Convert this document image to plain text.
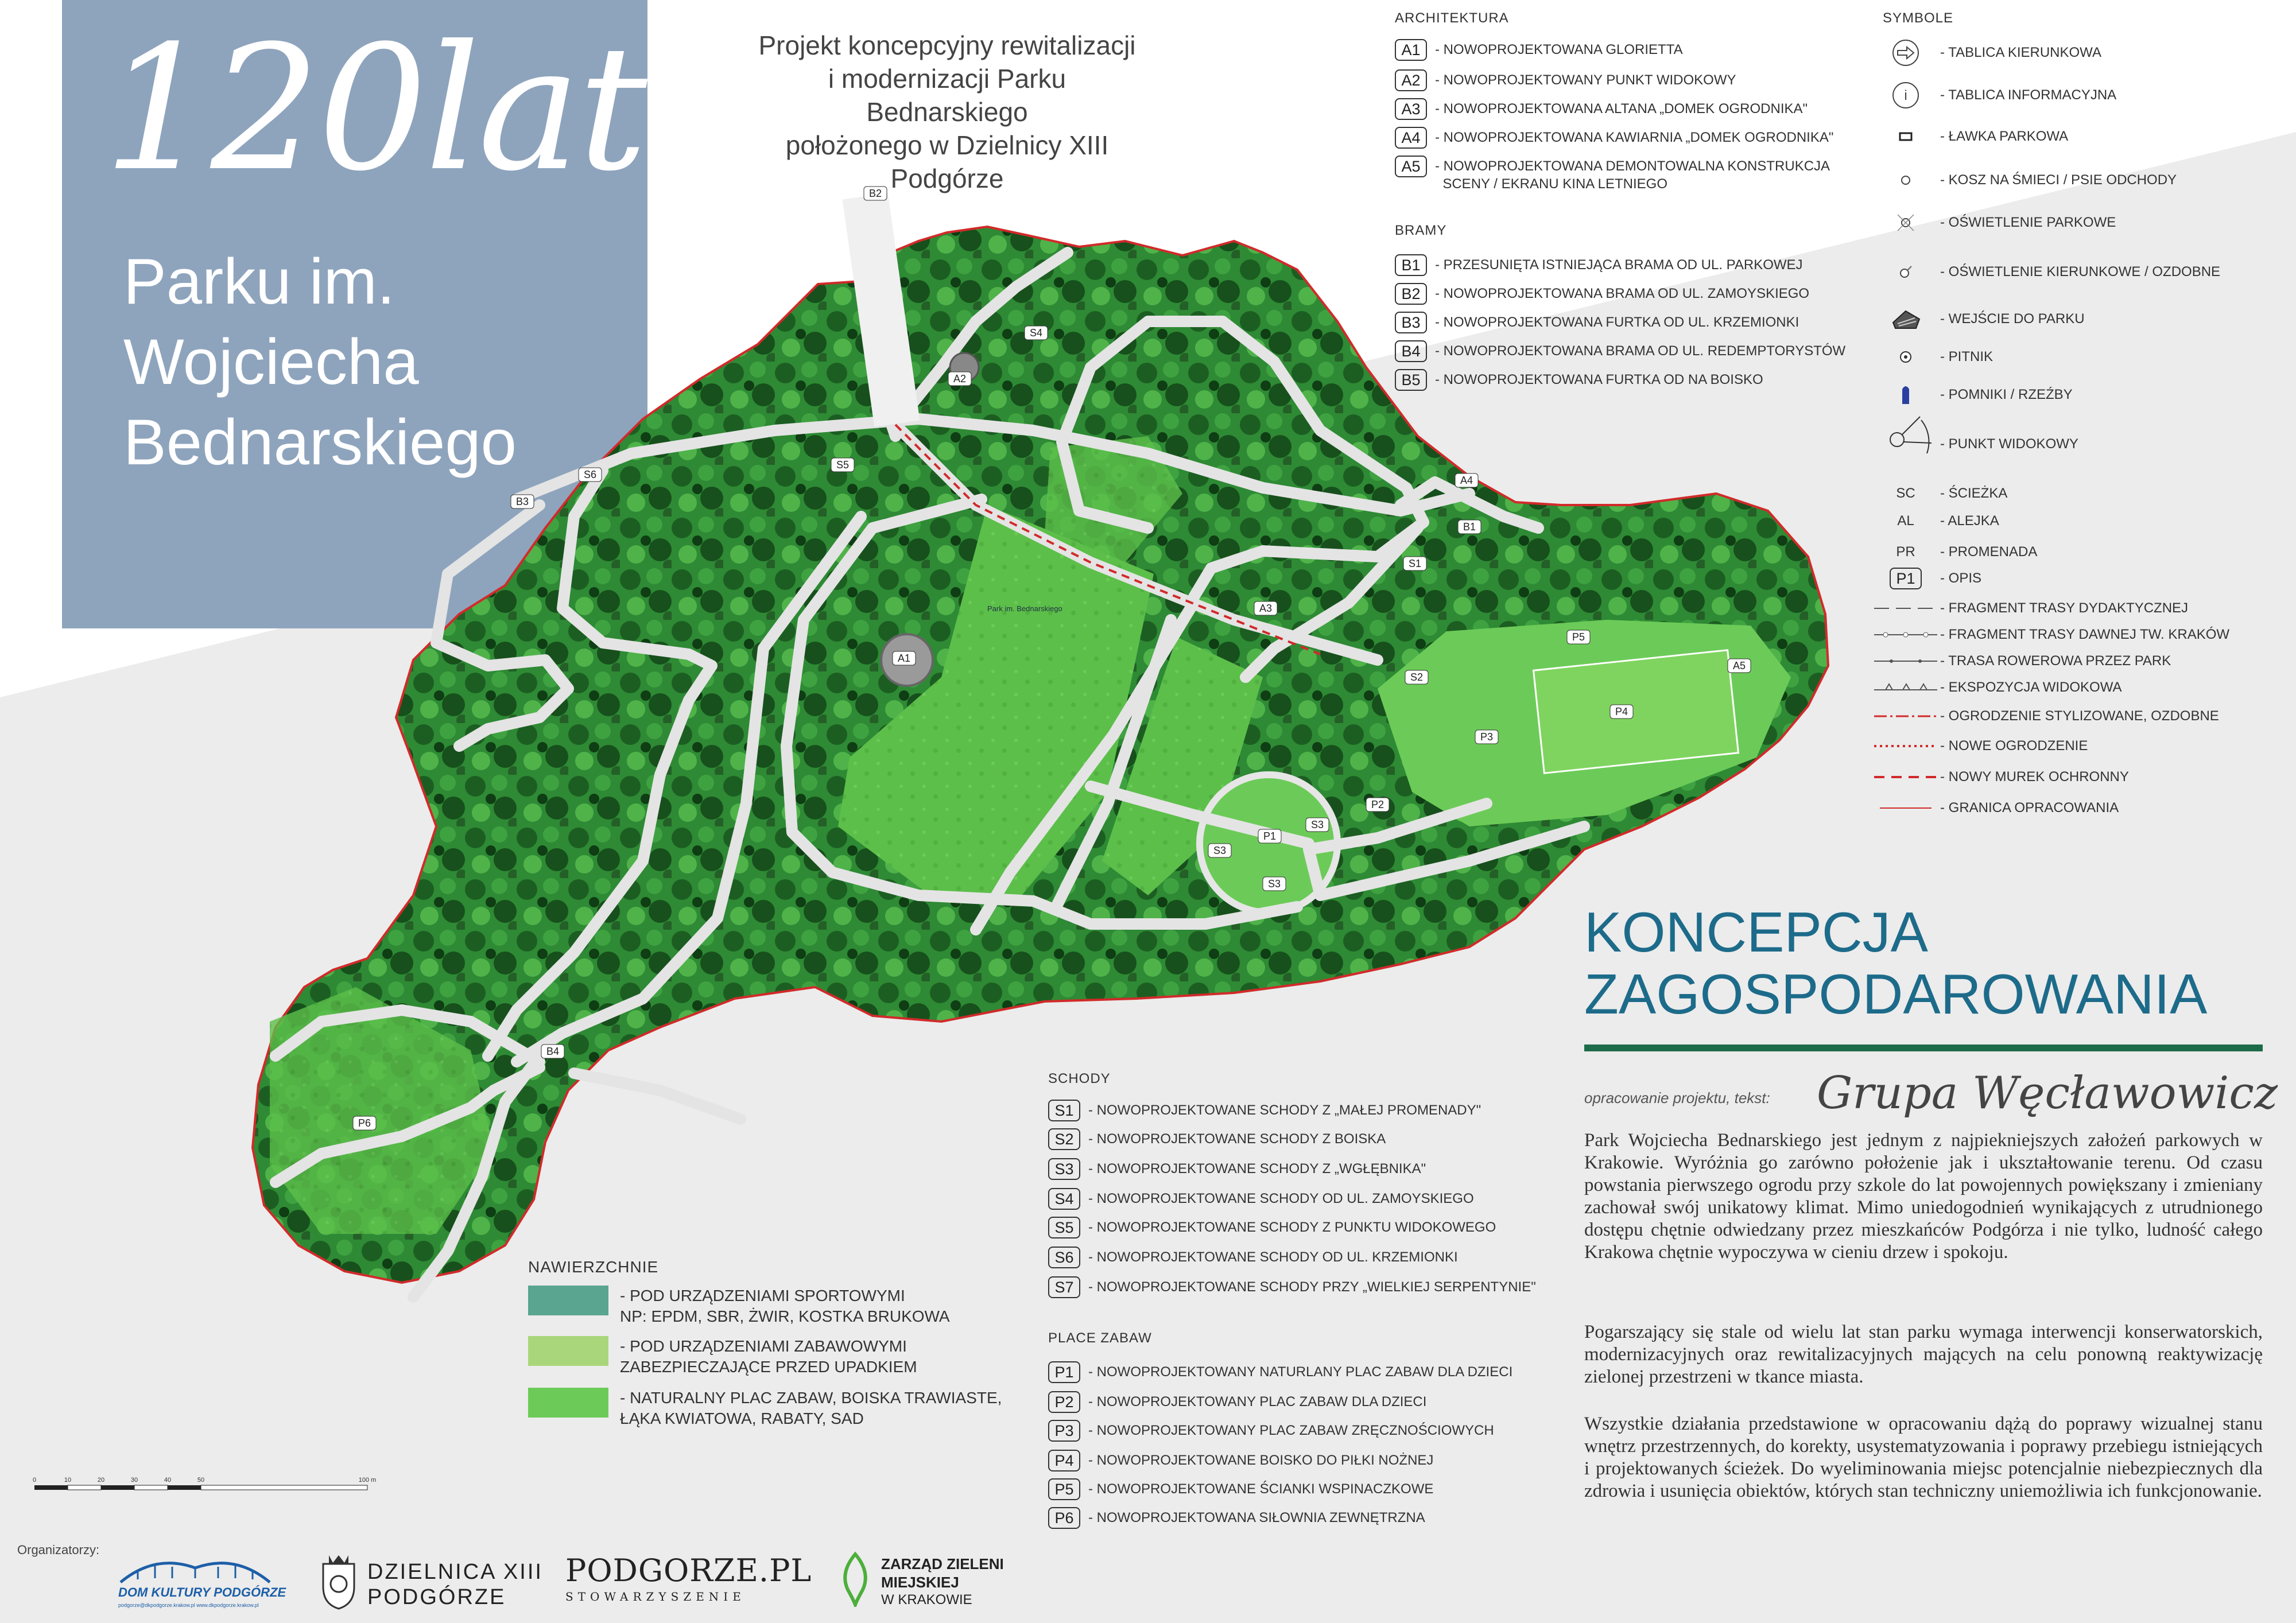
120lat
Parku im.
Wojciecha
Bednarskiego
Projekt koncepcyjny rewitalizacji
i modernizacji Parku Bednarskiego
położonego w Dzielnicy XIII Podgórze
A1
A2
A3
A4
A5
B1
B2
B3
B4
S1
S2
S3
S3
S3
S4
S5
S6
P1
P2
P3
P4
P5
P6
Park im. Bednarskiego
ARCHITEKTURA
A1	- NOWOPROJEKTOWANA GLORIETTA
A2	- NOWOPROJEKTOWANY PUNKT WIDOKOWY
A3	- NOWOPROJEKTOWANA ALTANA „DOMEK OGRODNIKA"
A4	- NOWOPROJEKTOWANA KAWIARNIA „DOMEK OGRODNIKA"
A5	- NOWOPROJEKTOWANA DEMONTOWALNA KONSTRUKCJA
SCENY / EKRANU KINA LETNIEGO
BRAMY
B1	- PRZESUNIĘTA ISTNIEJĄCA BRAMA OD UL. PARKOWEJ
B2	- NOWOPROJEKTOWANA BRAMA OD UL. ZAMOYSKIEGO
B3	- NOWOPROJEKTOWANA FURTKA OD UL. KRZEMIONKI
B4	- NOWOPROJEKTOWANA BRAMA OD UL. REDEMPTORYSTÓW
B5	- NOWOPROJEKTOWANA FURTKA OD NA BOISKO
SYMBOLE
- TABLICA KIERUNKOWA
i - TABLICA INFORMACYJNA
- ŁAWKA PARKOWA
- KOSZ NA ŚMIECI / PSIE ODCHODY
- OŚWIETLENIE PARKOWE
- OŚWIETLENIE KIERUNKOWE / OZDOBNE
- WEJŚCIE DO PARKU
- PITNIK
- POMNIKI / RZEŹBY
- PUNKT WIDOKOWY
SC	- ŚCIEŻKA
AL	- ALEJKA
PR	- PROMENADA
P1	- OPIS
- FRAGMENT TRASY DYDAKTYCZNEJ
- FRAGMENT TRASY DAWNEJ TW. KRAKÓW
- TRASA ROWEROWA PRZEZ PARK
- EKSPOZYCJA WIDOKOWA
- OGRODZENIE STYLIZOWANE, OZDOBNE
- NOWE OGRODZENIE
- NOWY MUREK OCHRONNY
- GRANICA OPRACOWANIA
KONCEPCJA
ZAGOSPODAROWANIA
opracowanie projektu, tekst: Grupa Węcławowicz
Park Wojciecha Bednarskiego jest jednym z najpiekniejszych założeń parkowych w Krakowie. Wyróżnia go zarówno położenie jak i ukształtowanie terenu. Od czasu powstania pierwszego ogrodu przy szkole do lat powojennych powiększany i zmieniany zachował swój unikatowy klimat. Mimo uniedogodnień wynikających z utrudnionego dostępu chętnie odwiedzany przez mieszkańców Podgórza i nie tylko, ludność całego Krakowa chętnie wypoczywa w cieniu drzew i spokoju.
Pogarszający się stale od wielu lat stan parku wymaga interwencji konserwatorskich, modernizacyjnych oraz rewitalizacyjnych mających na celu ponowną reaktywizację zielonej przestrzeni w tkance miasta.
Wszystkie działania przedstawione w opracowaniu dążą do poprawy wizualnej stanu wnętrz przestrzennych, do korekty, usystematyzowania i poprawy przebiegu istniejących i projektowanych ścieżek. Do wyeliminowania miejsc potencjalnie niebezpiecznych dla zdrowia i usunięcia obiektów, których stan techniczny uniemożliwia ich funkcjonowanie.
SCHODY
S1	- NOWOPROJEKTOWANE SCHODY Z „MAŁEJ PROMENADY"
S2	- NOWOPROJEKTOWANE SCHODY Z BOISKA
S3	- NOWOPROJEKTOWANE SCHODY Z „WGŁĘBNIKA"
S4	- NOWOPROJEKTOWANE SCHODY OD UL. ZAMOYSKIEGO
S5	- NOWOPROJEKTOWANE SCHODY Z PUNKTU WIDOKOWEGO
S6	- NOWOPROJEKTOWANE SCHODY OD UL. KRZEMIONKI
S7	- NOWOPROJEKTOWANE SCHODY PRZY „WIELKIEJ SERPENTYNIE"
PLACE ZABAW
P1	- NOWOPROJEKTOWANY NATURLANY PLAC ZABAW DLA DZIECI
P2	- NOWOPROJEKTOWANY PLAC ZABAW DLA DZIECI
P3	- NOWOPROJEKTOWANY PLAC ZABAW ZRĘCZNOŚCIOWYCH
P4	- NOWOPROJEKTOWANE BOISKO DO PIŁKI NOŻNEJ
P5	- NOWOPROJEKTOWANE ŚCIANKI WSPINACZKOWE
P6	- NOWOPROJEKTOWANA SIŁOWNIA ZEWNĘTRZNA
NAWIERZCHNIE
- POD URZĄDZENIAMI SPORTOWYMI
NP: EPDM, SBR, ŻWIR, KOSTKA BRUKOWA
- POD URZĄDZENIAMI ZABAWOWYMI
ZABEZPIECZAJĄCE PRZED UPADKIEM
- NATURALNY PLAC ZABAW, BOISKA TRAWIASTE,
ŁĄKA KWIATOWA, RABATY, SAD
0	10	20	30	40	50	100 m
Organizatorzy:
DOM KULTURY PODGÓRZE
podgorze@dkpodgorze.krakow.pl www.dkpodgorze.krakow.pl
DZIELNICA XIII
PODGÓRZE
PODGORZE.PL
STOWARZYSZENIE
ZARZĄD ZIELENI
MIEJSKIEJ
W KRAKOWIE
